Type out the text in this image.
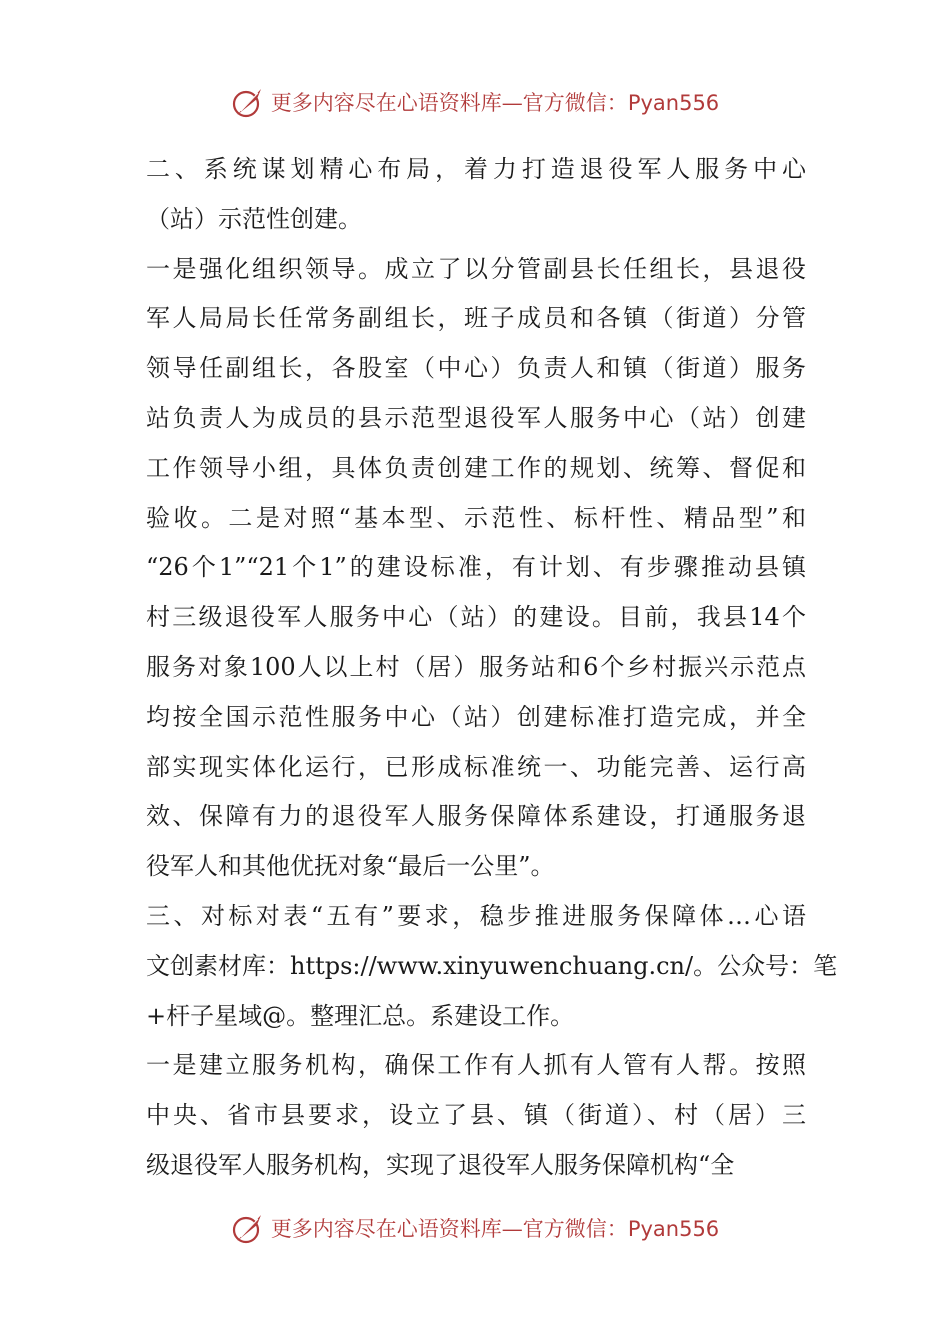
更多内容尽在心语资料库—官方微信：Pyan556
二、系统谋划精心布局，着力打造退役军人服务中心
（站）示范性创建。
一是强化组织领导。成立了以分管副县长任组长，县退役
军人局局长任常务副组长，班子成员和各镇（街道）分管
领导任副组长，各股室（中心）负责人和镇（街道）服务
站负责人为成员的县示范型退役军人服务中心（站）创建
工作领导小组，具体负责创建工作的规划、统筹、督促和
验收。二是对照“基本型、示范性、标杆性、精品型”和
“26个1”“21个1”的建设标准，有计划、有步骤推动县镇
村三级退役军人服务中心（站）的建设。目前，我县14个
服务对象100人以上村（居）服务站和6个乡村振兴示范点
均按全国示范性服务中心（站）创建标准打造完成，并全
部实现实体化运行，已形成标准统一、功能完善、运行高
效、保障有力的退役军人服务保障体系建设，打通服务退
役军人和其他优抚对象“最后一公里”。
三、对标对表“五有”要求，稳步推进服务保障体…心语
文创素材库：https://www.xinyuwenchuang.cn/。公众号：笔
+杆子星域@。整理汇总。系建设工作。
一是建立服务机构，确保工作有人抓有人管有人帮。按照
中央、省市县要求，设立了县、镇（街道）、村（居）三
级退役军人服务机构，实现了退役军人服务保障机构“全
更多内容尽在心语资料库—官方微信：Pyan556
